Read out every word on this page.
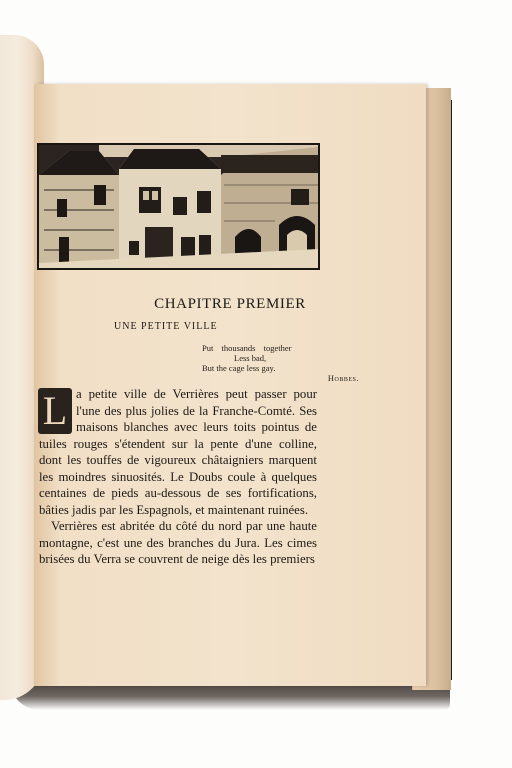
CHAPITRE PREMIER
UNE PETITE VILLE
Put thousands together
Less bad,
But the cage less gay.
Hobbes.

L a petite ville de Verrières peut passer pour l'une des plus jolies de la Franche-Comté. Ses maisons blanches avec leurs toits pointus de tuiles rouges s'étendent sur la pente d'une colline, dont les touffes de vigoureux châtaigniers marquent les moindres sinuosités. Le Doubs coule à quelques centaines de pieds au-dessous de ses fortifications, bâties jadis par les Espagnols, et maintenant ruinées.

Verrières est abritée du côté du nord par une haute montagne, c'est une des branches du Jura. Les cimes brisées du Verra se couvrent de neige dès les premiers
